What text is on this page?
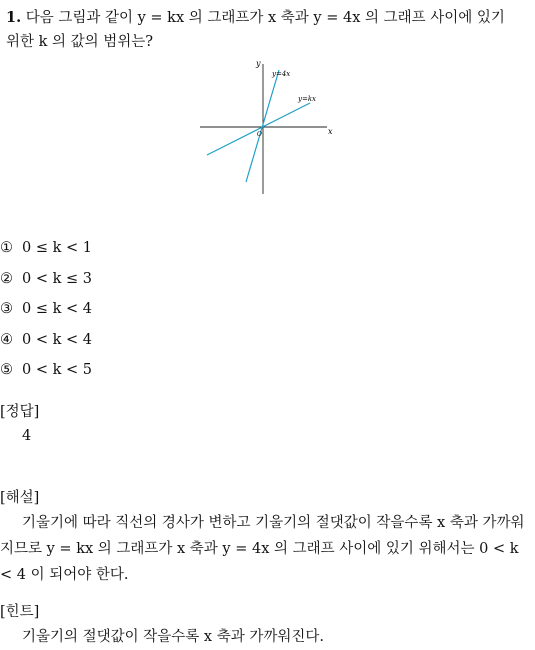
1. 다음 그림과 같이 y = kx 의 그래프가 x 축과 y = 4x 의 그래프 사이에 있기
위한 k 의 값의 범위는?
y
x
O
y=4x
y=kx
① 0 ≤ k < 1
② 0 < k ≤ 3
③ 0 ≤ k < 4
④ 0 < k < 4
⑤ 0 < k < 5
[정답]
4
[해설]
기울기에 따라 직선의 경사가 변하고 기울기의 절댓값이 작을수록 x 축과 가까워지므로 y = kx 의 그래프가 x 축과 y = 4x 의 그래프 사이에 있기 위해서는 0 < k < 4 이 되어야 한다.
[힌트]
기울기의 절댓값이 작을수록 x 축과 가까워진다.
